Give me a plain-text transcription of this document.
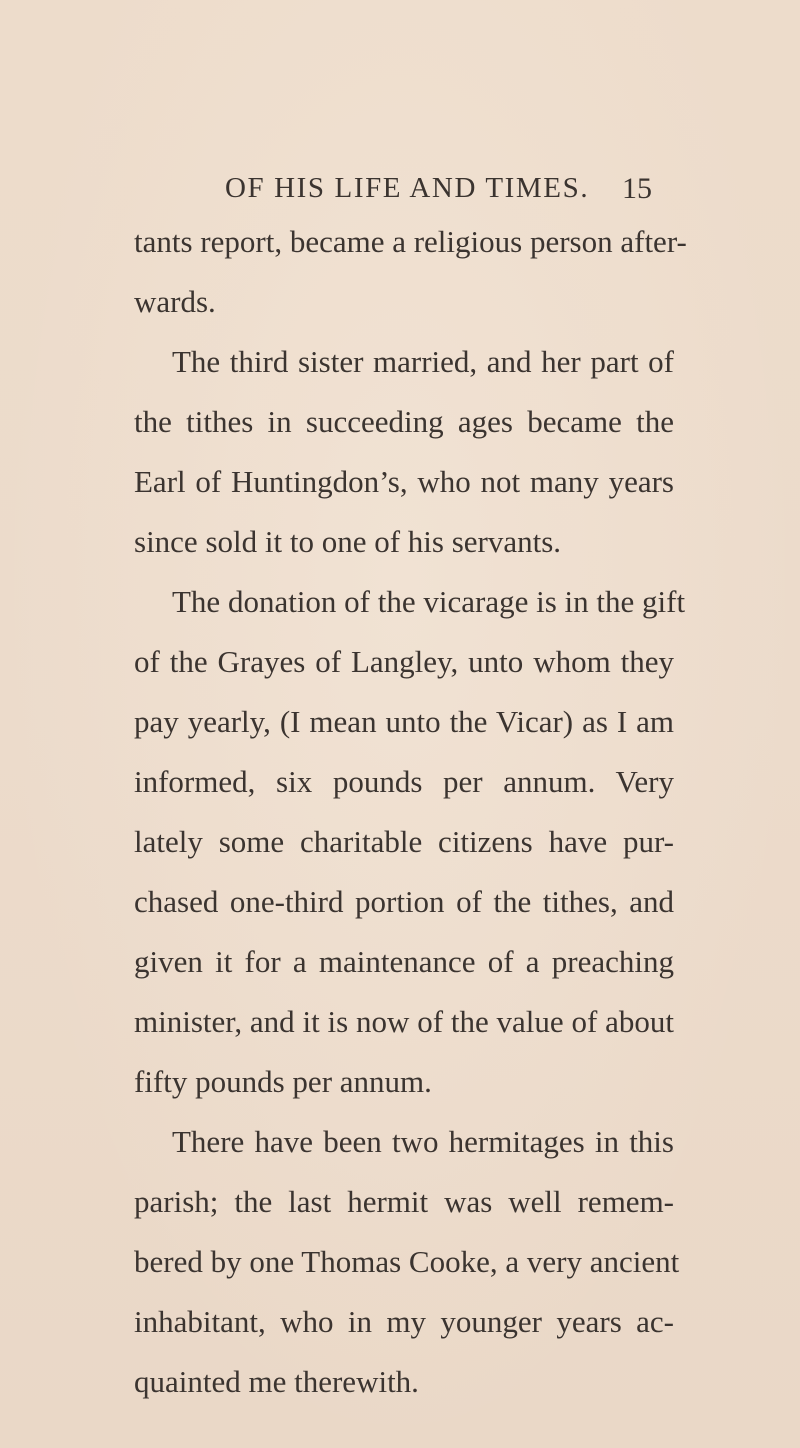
OF HIS LIFE AND TIMES. 15
tants report, became a religious person after-
wards.
The third sister married, and her part of
the tithes in succeeding ages became the
Earl of Huntingdon’s, who not many years
since sold it to one of his servants.
The donation of the vicarage is in the gift
of the Grayes of Langley, unto whom they
pay yearly, (I mean unto the Vicar) as I am
informed, six pounds per annum. Very
lately some charitable citizens have pur-
chased one-third portion of the tithes, and
given it for a maintenance of a preaching
minister, and it is now of the value of about
fifty pounds per annum.
There have been two hermitages in this
parish; the last hermit was well remem-
bered by one Thomas Cooke, a very ancient
inhabitant, who in my younger years ac-
quainted me therewith.
